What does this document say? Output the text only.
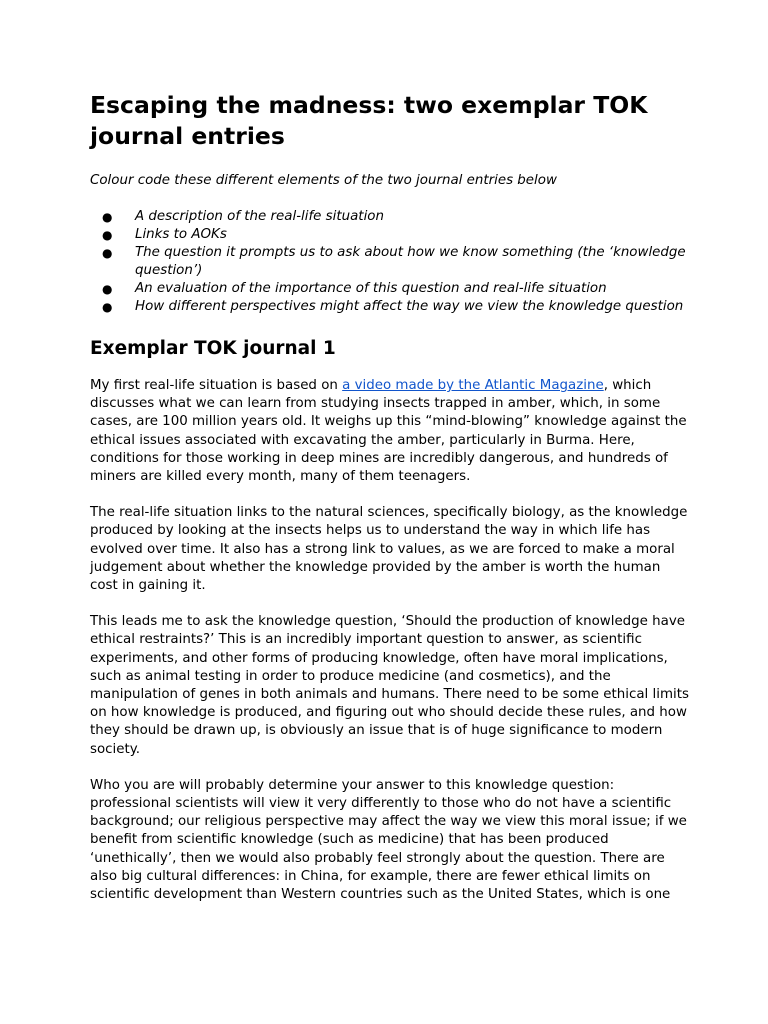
Escaping the madness: two exemplar TOK journal entries

Colour code these different elements of the two journal entries below

● A description of the real-life situation
● Links to AOKs
● The question it prompts us to ask about how we know something (the ‘knowledge question’)
● An evaluation of the importance of this question and real-life situation
● How different perspectives might affect the way we view the knowledge question
Exemplar TOK journal 1

My first real-life situation is based on a video made by the Atlantic Magazine, which discusses what we can learn from studying insects trapped in amber, which, in some cases, are 100 million years old. It weighs up this “mind-blowing” knowledge against the ethical issues associated with excavating the amber, particularly in Burma. Here, conditions for those working in deep mines are incredibly dangerous, and hundreds of miners are killed every month, many of them teenagers.

The real-life situation links to the natural sciences, specifically biology, as the knowledge produced by looking at the insects helps us to understand the way in which life has evolved over time. It also has a strong link to values, as we are forced to make a moral judgement about whether the knowledge provided by the amber is worth the human cost in gaining it.

This leads me to ask the knowledge question, ‘Should the production of knowledge have ethical restraints?’ This is an incredibly important question to answer, as scientific experiments, and other forms of producing knowledge, often have moral implications, such as animal testing in order to produce medicine (and cosmetics), and the manipulation of genes in both animals and humans. There need to be some ethical limits on how knowledge is produced, and figuring out who should decide these rules, and how they should be drawn up, is obviously an issue that is of huge significance to modern society.

Who you are will probably determine your answer to this knowledge question: professional scientists will view it very differently to those who do not have a scientific background; our religious perspective may affect the way we view this moral issue; if we benefit from scientific knowledge (such as medicine) that has been produced ‘unethically’, then we would also probably feel strongly about the question. There are also big cultural differences: in China, for example, there are fewer ethical limits on scientific development than Western countries such as the United States, which is one
